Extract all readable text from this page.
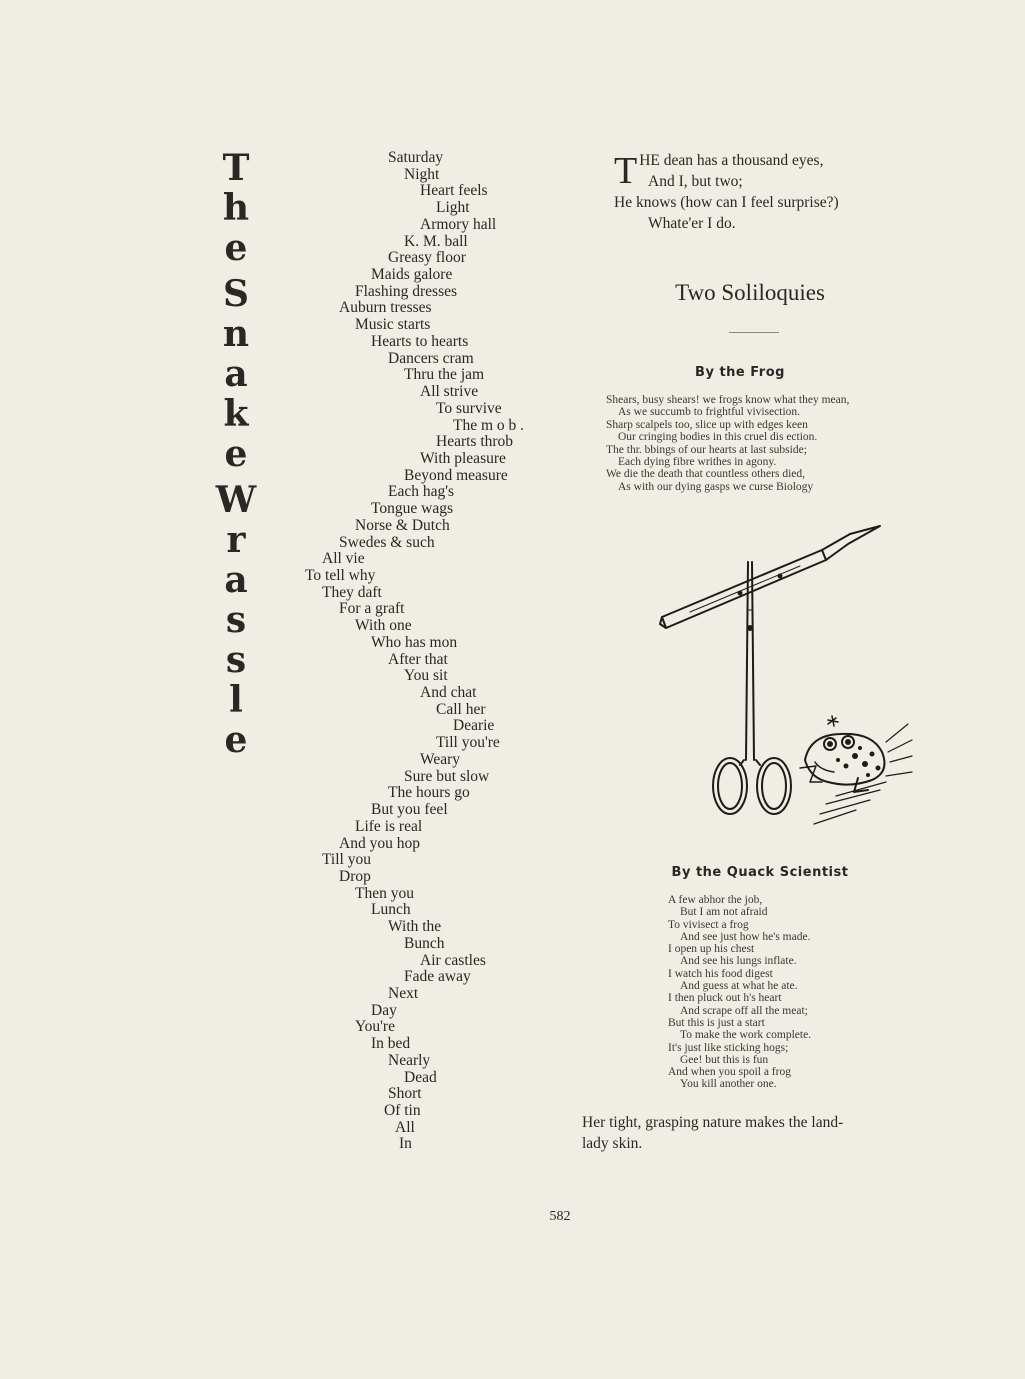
T
h
e
S
n
a
k
e
W
r
a
s
s
l
e
Saturday
Night
Heart feels
Light
Armory hall
K. M. ball
Greasy floor
Maids galore
Flashing dresses
Auburn tresses
Music starts
Hearts to hearts
Dancers cram
Thru the jam
All strive
To survive
The m o b .
Hearts throb
With pleasure
Beyond measure
Each hag's
Tongue wags
Norse & Dutch
Swedes & such
All vie
To tell why
They daft
For a graft
With one
Who has mon
After that
You sit
And chat
Call her
Dearie
Till you're
Weary
Sure but slow
The hours go
But you feel
Life is real
And you hop
Till you
Drop
Then you
Lunch
With the
Bunch
Air castles
Fade away
Next
Day
You're
In bed
Nearly
Dead
Short
Of tin
All
In
T HE dean has a thousand eyes,
And I, but two;
He knows (how can I feel surprise?)
Whate'er I do.
Two Soliloquies
By the Frog
Shears, busy shears! we frogs know what they mean,
As we succumb to frightful vivisection.
Sharp scalpels too, slice up with edges keen
Our cringing bodies in this cruel dis ection.
The thr. bbings of our hearts at last subside;
Each dying fibre writhes in agony.
We die the death that countless others died,
As with our dying gasps we curse Biology
By the Quack Scientist
A few abhor the job,
But I am not afraid
To vivisect a frog
And see just how he's made.
I open up his chest
And see his lungs inflate.
I watch his food digest
And guess at what he ate.
I then pluck out h's heart
And scrape off all the meat;
But this is just a start
To make the work complete.
It's just like sticking hogs;
Gee! but this is fun
And when you spoil a frog
You kill another one.
Her tight, grasping nature makes the land-
lady skin.
582
